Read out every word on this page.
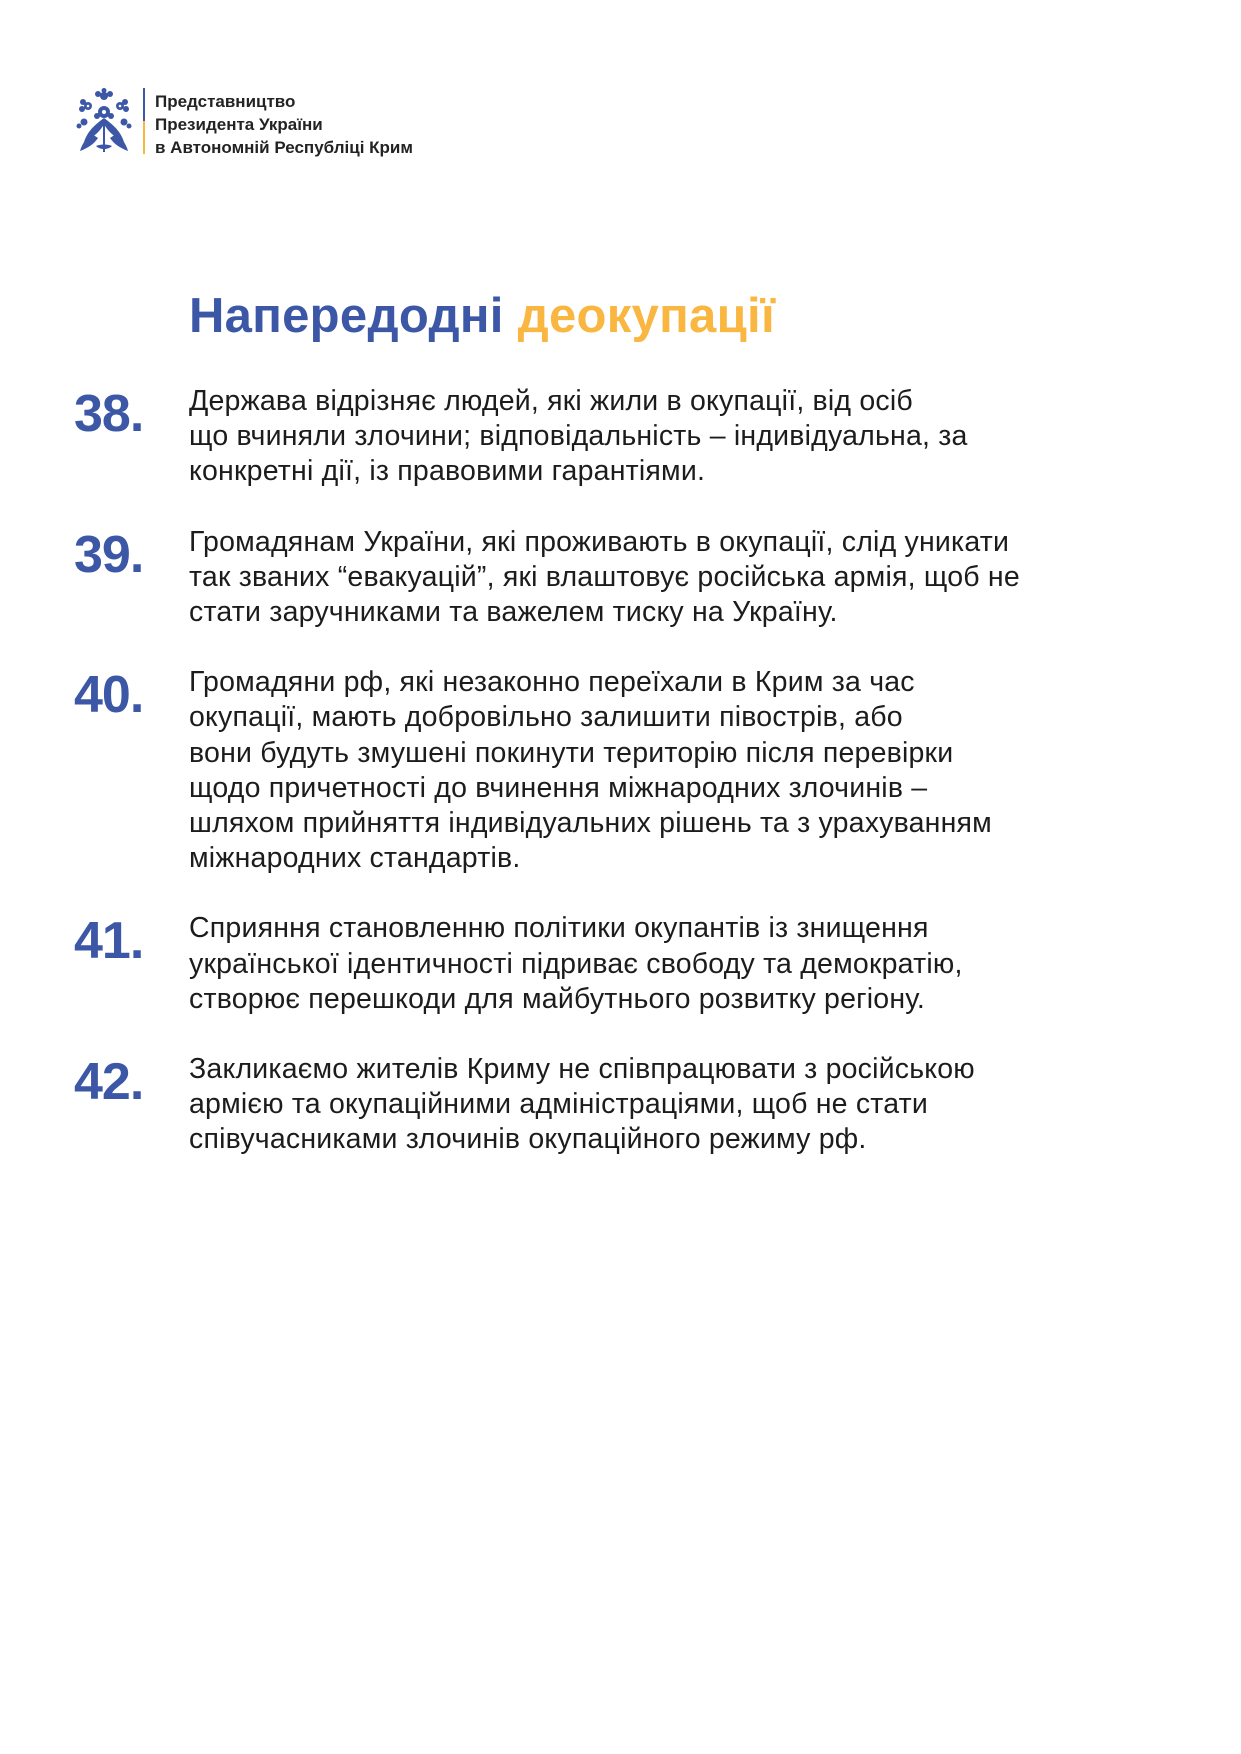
Представництво
Президента України
в Автономній Республіці Крим
Напередодні деокупації
38.	Держава відрізняє людей, які жили в окупації, від осіб
що вчиняли злочини; відповідальність – індивідуальна, за
конкретні дії, із правовими гарантіями.
39.	Громадянам України, які проживають в окупації, слід уникати
так званих “евакуацій”, які влаштовує російська армія, щоб не
стати заручниками та важелем тиску на Україну.
40.	Громадяни рф, які незаконно переїхали в Крим за час
окупації, мають добровільно залишити півострів, або
вони будуть змушені покинути територію після перевірки
щодо причетності до вчинення міжнародних злочинів –
шляхом прийняття індивідуальних рішень та з урахуванням
міжнародних стандартів.
41.	Сприяння становленню політики окупантів із знищення
української ідентичності підриває свободу та демократію,
створює перешкоди для майбутнього розвитку регіону.
42.	Закликаємо жителів Криму не співпрацювати з російською
армією та окупаційними адміністраціями, щоб не стати
співучасниками злочинів окупаційного режиму рф.
